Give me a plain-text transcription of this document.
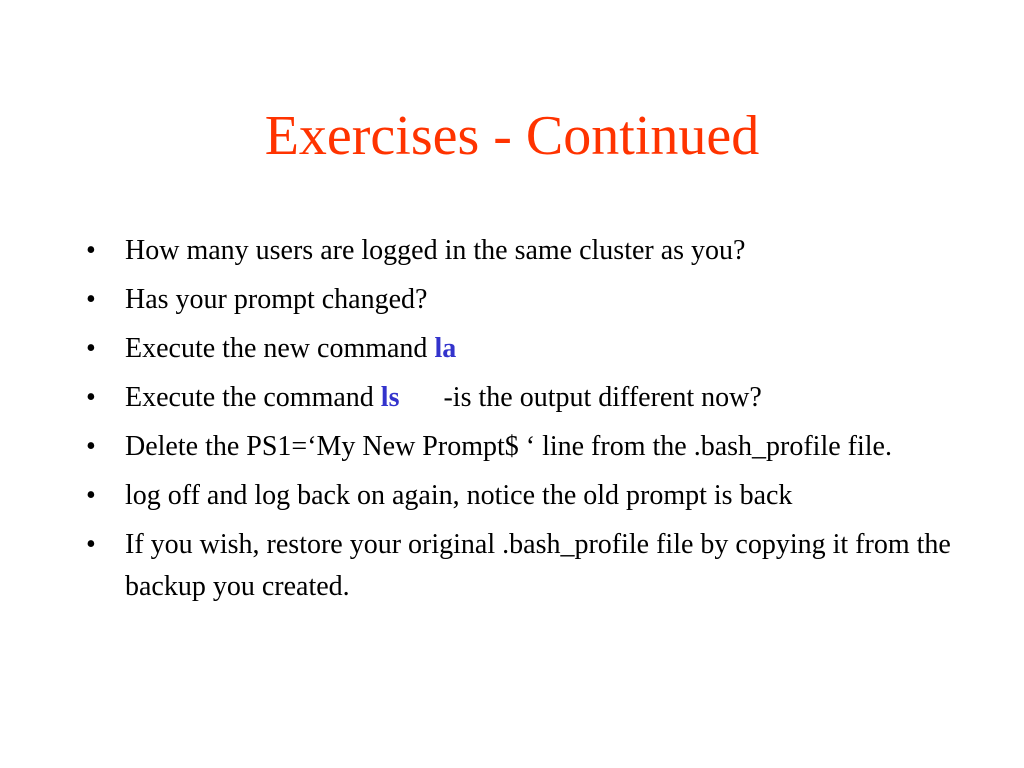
Exercises - Continued
• How many users are logged in the same cluster as you?
• Has your prompt changed?
• Execute the new command la
• Execute the command ls -is the output different now?
• Delete the PS1=‘My New Prompt$ ‘ line from the .bash_profile file.
• log off and log back on again, notice the old prompt is back
• If you wish, restore your original .bash_profile file by copying it from the backup you created.
